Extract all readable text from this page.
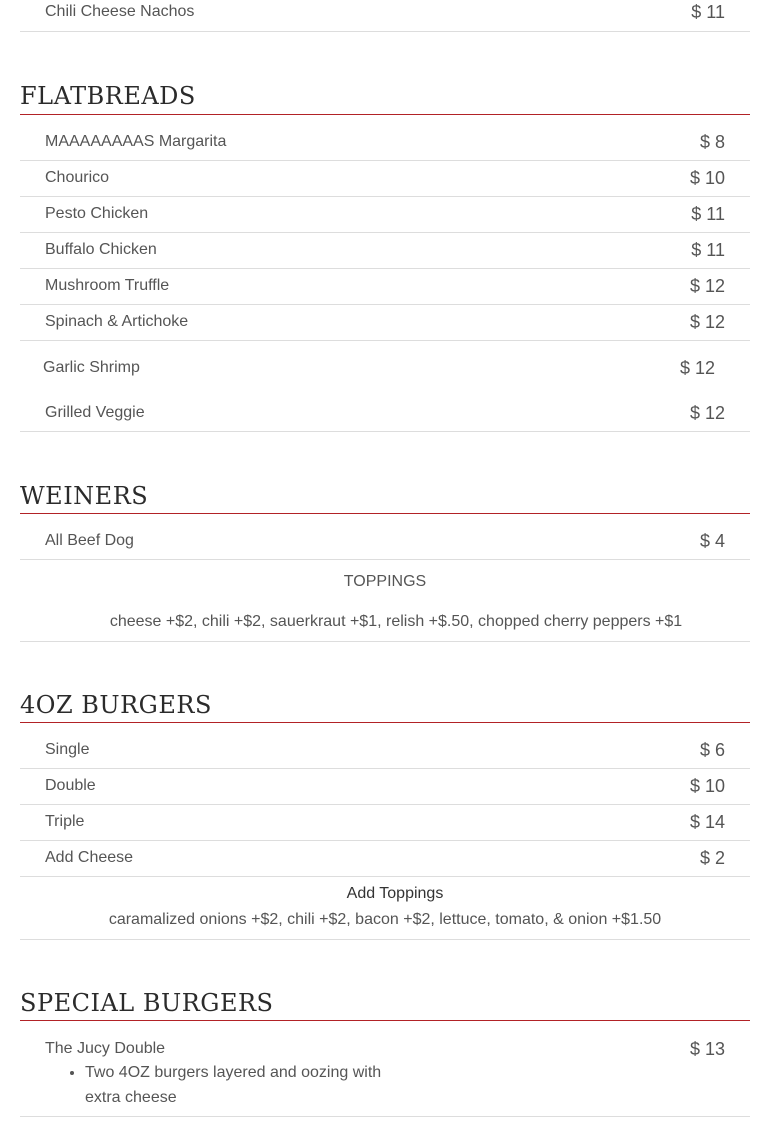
Chili Cheese Nachos	$ 11
FLATBREADS
MAAAAAAAAS Margarita	$ 8
Chourico	$ 10
Pesto Chicken	$ 11
Buffalo Chicken	$ 11
Mushroom Truffle	$ 12
Spinach & Artichoke	$ 12
Garlic Shrimp	$ 12
Grilled Veggie	$ 12
WEINERS
All Beef Dog	$ 4
TOPPINGS
cheese +$2, chili +$2, sauerkraut +$1, relish +$.50, chopped cherry peppers +$1
4OZ BURGERS
Single	$ 6
Double	$ 10
Triple	$ 14
Add Cheese	$ 2
Add Toppings
caramalized onions +$2, chili +$2, bacon +$2, lettuce, tomato, & onion +$1.50
SPECIAL BURGERS
The Jucy Double	$ 13
• Two 4OZ burgers layered and oozing with extra cheese
